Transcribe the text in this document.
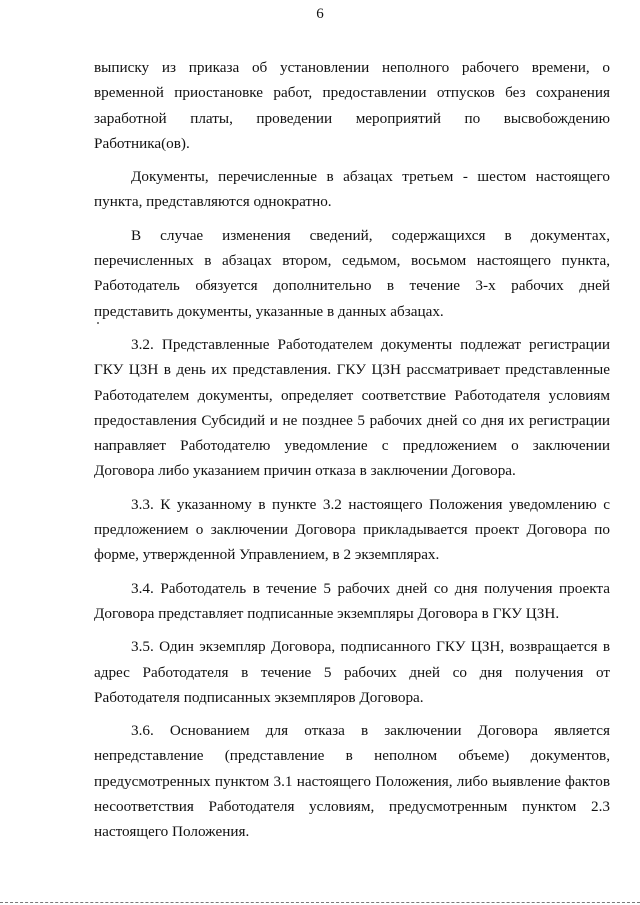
6

выписку из приказа об установлении неполного рабочего времени, о временной приостановке работ, предоставлении отпусков без сохранения заработной платы, проведении мероприятий по высвобождению Работника(ов).

Документы, перечисленные в абзацах третьем - шестом настоящего пункта, представляются однократно.

В случае изменения сведений, содержащихся в документах, перечисленных в абзацах втором, седьмом, восьмом настоящего пункта, Работодатель обязуется дополнительно в течение 3-х рабочих дней представить документы, указанные в данных абзацах.

3.2. Представленные Работодателем документы подлежат регистрации ГКУ ЦЗН в день их представления. ГКУ ЦЗН рассматривает представленные Работодателем документы, определяет соответствие Работодателя условиям предоставления Субсидий и не позднее 5 рабочих дней со дня их регистрации направляет Работодателю уведомление с предложением о заключении Договора либо указанием причин отказа в заключении Договора.

3.3. К указанному в пункте 3.2 настоящего Положения уведомлению с предложением о заключении Договора прикладывается проект Договора по форме, утвержденной Управлением, в 2 экземплярах.

3.4. Работодатель в течение 5 рабочих дней со дня получения проекта Договора представляет подписанные экземпляры Договора в ГКУ ЦЗН.

3.5. Один экземпляр Договора, подписанного ГКУ ЦЗН, возвращается в адрес Работодателя в течение 5 рабочих дней со дня получения от Работодателя подписанных экземпляров Договора.

3.6. Основанием для отказа в заключении Договора является непредставление (представление в неполном объеме) документов, предусмотренных пунктом 3.1 настоящего Положения, либо выявление фактов несоответствия Работодателя условиям, предусмотренным пунктом 2.3 настоящего Положения.
